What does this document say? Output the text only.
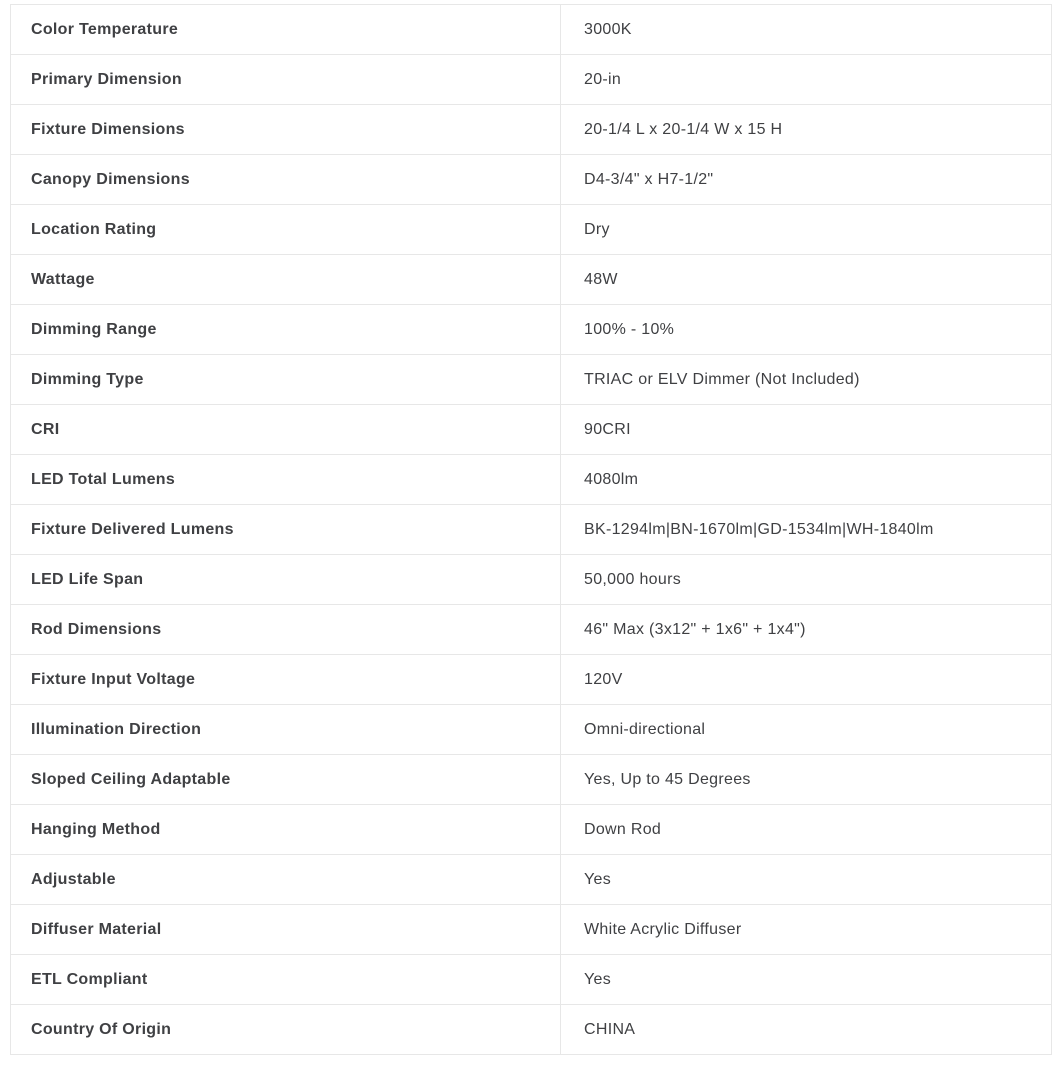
Color Temperature	3000K
Primary Dimension	20-in
Fixture Dimensions	20-1/4 L x 20-1/4 W x 15 H
Canopy Dimensions	D4-3/4" x H7-1/2"
Location Rating	Dry
Wattage	48W
Dimming Range	100% - 10%
Dimming Type	TRIAC or ELV Dimmer (Not Included)
CRI	90CRI
LED Total Lumens	4080lm
Fixture Delivered Lumens	BK-1294lm|BN-1670lm|GD-1534lm|WH-1840lm
LED Life Span	50,000 hours
Rod Dimensions	46" Max (3x12" + 1x6" + 1x4")
Fixture Input Voltage	120V
Illumination Direction	Omni-directional
Sloped Ceiling Adaptable	Yes, Up to 45 Degrees
Hanging Method	Down Rod
Adjustable	Yes
Diffuser Material	White Acrylic Diffuser
ETL Compliant	Yes
Country Of Origin	CHINA
